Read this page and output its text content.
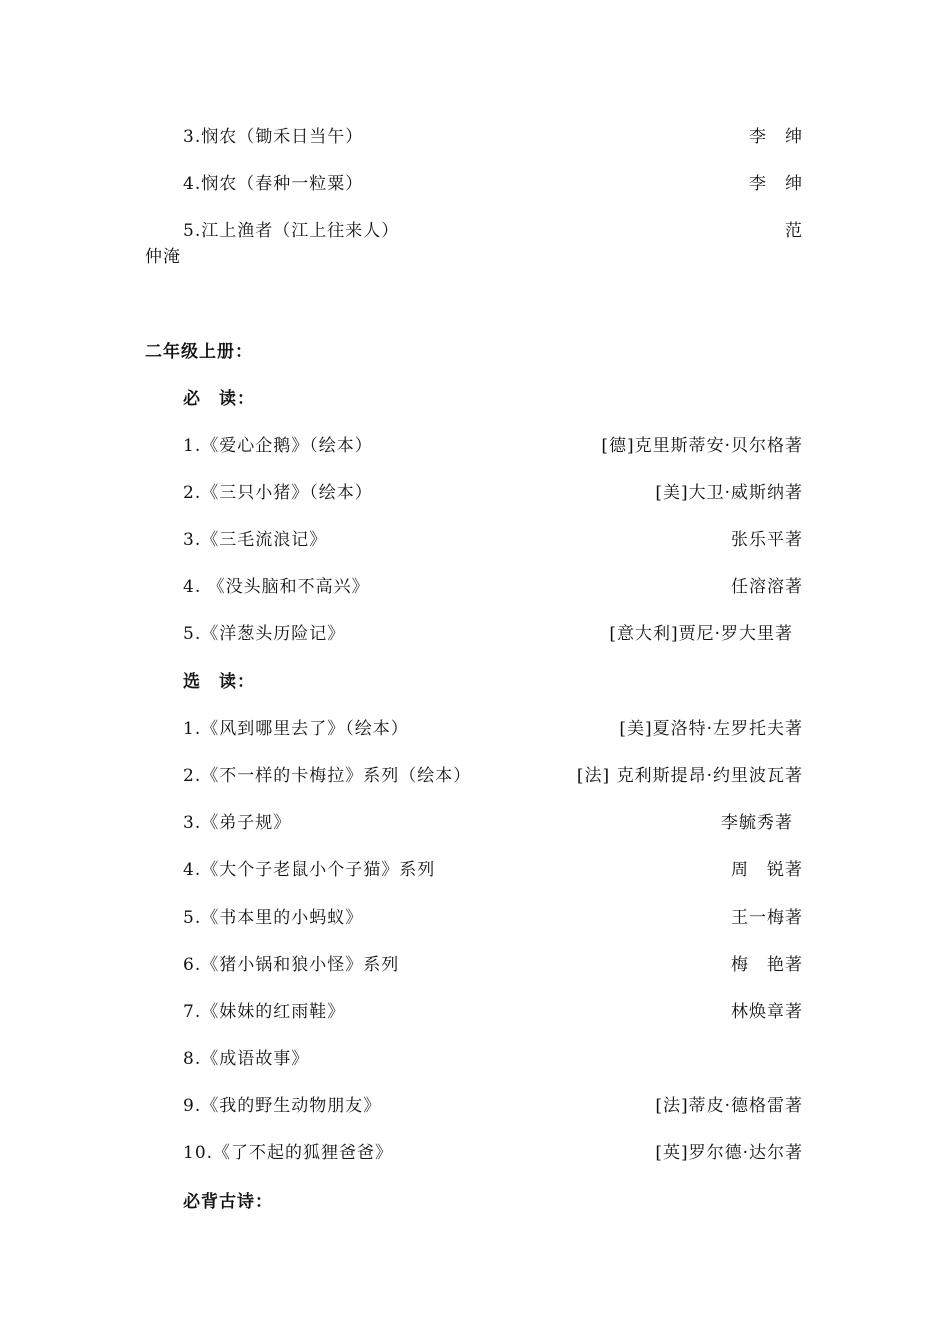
3.悯农（锄禾日当午）	李　绅
4.悯农（春种一粒粟）	李　绅
5.江上渔者（江上往来人）	范
仲淹
二年级上册：
必　读：
1.《爱心企鹅》（绘本）	[德]克里斯蒂安·贝尔格著
2.《三只小猪》（绘本）	[美]大卫·威斯纳著
3.《三毛流浪记》	张乐平著
4. 《没头脑和不高兴》	任溶溶著
5.《洋葱头历险记》	[意大利]贾尼·罗大里著
选　读：
1.《风到哪里去了》（绘本）	[美]夏洛特·左罗托夫著
2.《不一样的卡梅拉》系列（绘本）	[法] 克利斯提昂·约里波瓦著
3.《弟子规》	李毓秀著
4.《大个子老鼠小个子猫》系列	周　锐著
5.《书本里的小蚂蚁》	王一梅著
6.《猪小锅和狼小怪》系列	梅　艳著
7.《妹妹的红雨鞋》	林焕章著
8.《成语故事》
9.《我的野生动物朋友》	[法]蒂皮·德格雷著
10.《了不起的狐狸爸爸》	[英]罗尔德·达尔著
必背古诗：
